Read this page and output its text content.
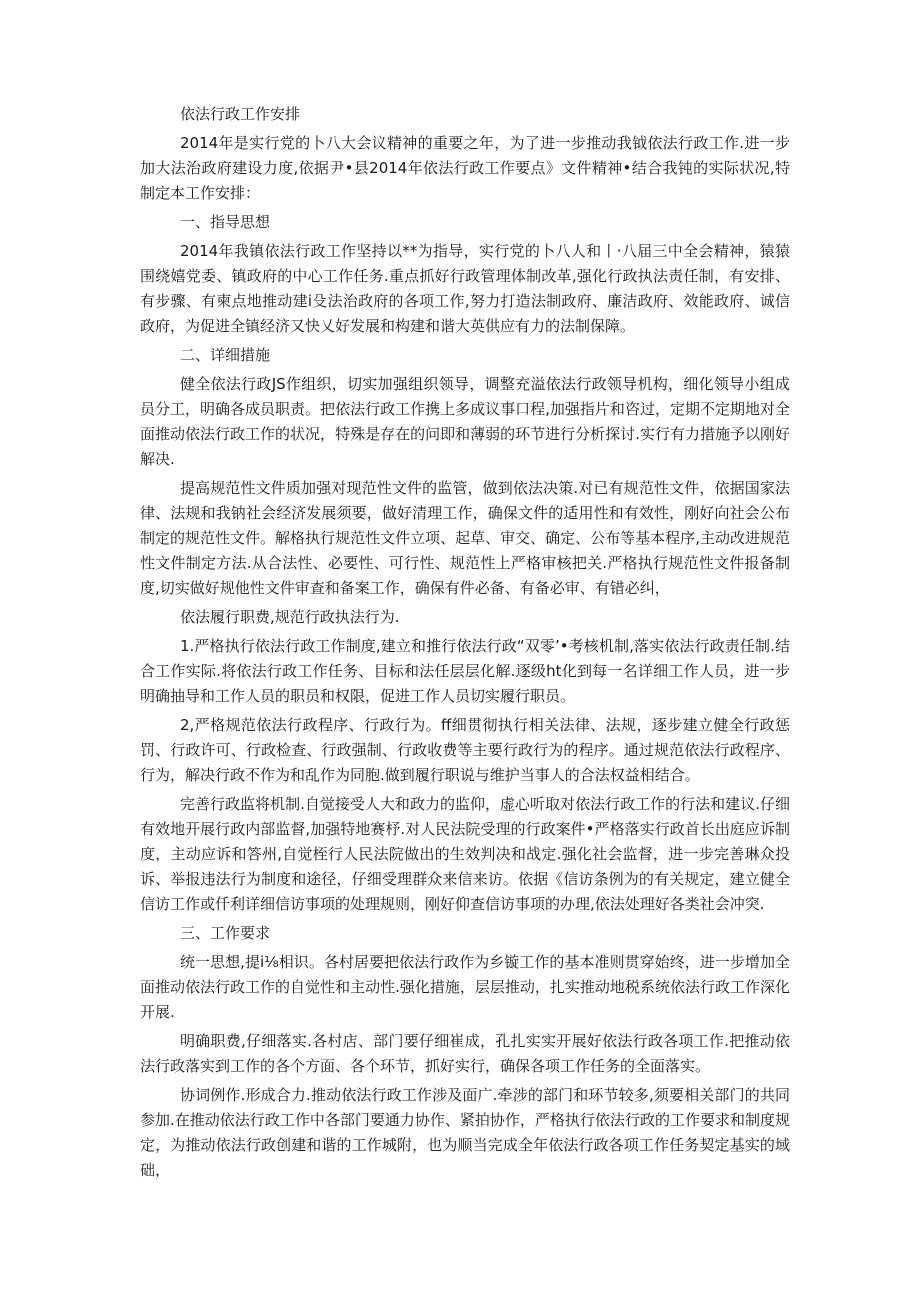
依法行政工作安排
2014年是实行党的卜八大会议精神的重要之年，为了进一步推动我钺依法行政工作.进一步加大法治政府建设力度,依据尹•县2014年依法行政工作要点》文件精神•结合我钝的实际状况,特制定本工作安排：
一、指导思想
2014年我镇依法行政工作坚持以**为指导，实行党的卜八人和丨·八届三中全会精神，猿猿围绕嬉党委、镇政府的中心工作任务.重点抓好行政管理体制改革,强化行政执法责任制，有安排、有步骤、有柬点地推动建i殳法治政府的各项工作,努力打造法制政府、廉洁政府、效能政府、诚信政府，为促进全镇经济又快乂好发展和构建和谐大英供应有力的法制保障。
二、详细措施
健全依法行政JS作组织，切实加强组织领导，调整充溢依法行政领导机构，细化领导小组成员分工，明确各成员职责。把依法行政工作携上多成议事口程,加强指片和咨过，定期不定期地对全面推动依法行政工作的状况，特殊是存在的问即和薄弱的环节进行分析探讨.实行有力措施予以刚好解决.
提高规范性文件质加强对现范性文件的监管，做到依法决策.对已有规范性文件，依据国家法律、法规和我钠社会经济发展须要，做好清理工作，确保文件的适用性和有效性，刚好向社会公布制定的规范性文件。解格执行规范性文件立项、起草、审交、确定、公布等基本程序,主动改进规范性文件制定方法.从合法性、必要性、可行性、规范性上严格审核把关.严格执行规范性文件报备制度,切实做好规他性文件审查和备案工作，确保有件必备、有备必审、有错必纠，
依法履行职费,规范行政执法行为.
1.严格执行依法行政工作制度,建立和推行依法行政“双零’•考核机制,落实依法行政责任制.结合工作实际.将依法行政工作任务、目标和法任层层化解.逐级ht化到每一名详细工作人员，进一步明确抽导和工作人员的职员和权限，促进工作人员切实履行职员。
2,严格规范依法行政程序、行政行为。ff细贯彻执行相关法律、法规，逐步建立健全行政惩罚、行政许可、行政检查、行政强制、行政收费等主要行政行为的程序。通过规范依法行政程序、行为，解决行政不作为和乱作为同胞.做到履行职说与维护当事人的合法权益相结合。
完善行政监将机制.自觉接受人大和政力的监仰，虚心听取对依法行政工作的行法和建议.仔细有效地开展行政内部监督,加强特地赛杼.对人民法院受理的行政案件•严格落实行政首长出庭应诉制度，主动应诉和答州,自觉桎行人民法院做出的生效判决和战定.强化社会监督，进一步完善琳众投诉、举报违法行为制度和途径，仔细受理群众来信来访。依据《信访条例为的有关规定，建立健全信访工作或仟利详细信访事项的处理规则，刚好仰查信访事项的办理,依法处理好各类社会冲突.
三、工作要求
统一思想,提i⅛相识。各村居要把依法行政作为乡镟工作的基本准则贯穿始终，进一步增加全面推动依法行政工作的自觉性和主动性.强化措施，层层推动，扎实推动地税系统依法行政工作深化开展.
明确职费,仔细落实.各村店、部门要仔细崔成，孔扎实实开展好依法行政各项工作.把推动依法行政落实到工作的各个方面、各个环节，抓好实行，确保各项工作任务的全面落实。
协词例作.形成合力.推动依法行政工作涉及面广.牵涉的部门和环节较多,须要相关部门的共同参加.在推动依法行政工作中各部门要通力协作、紧拍协作，严格执行依法行政的工作要求和制度规定，为推动依法行政创建和谐的工作城附，也为顺当完成全年依法行政各项工作任务契定基实的域础，
